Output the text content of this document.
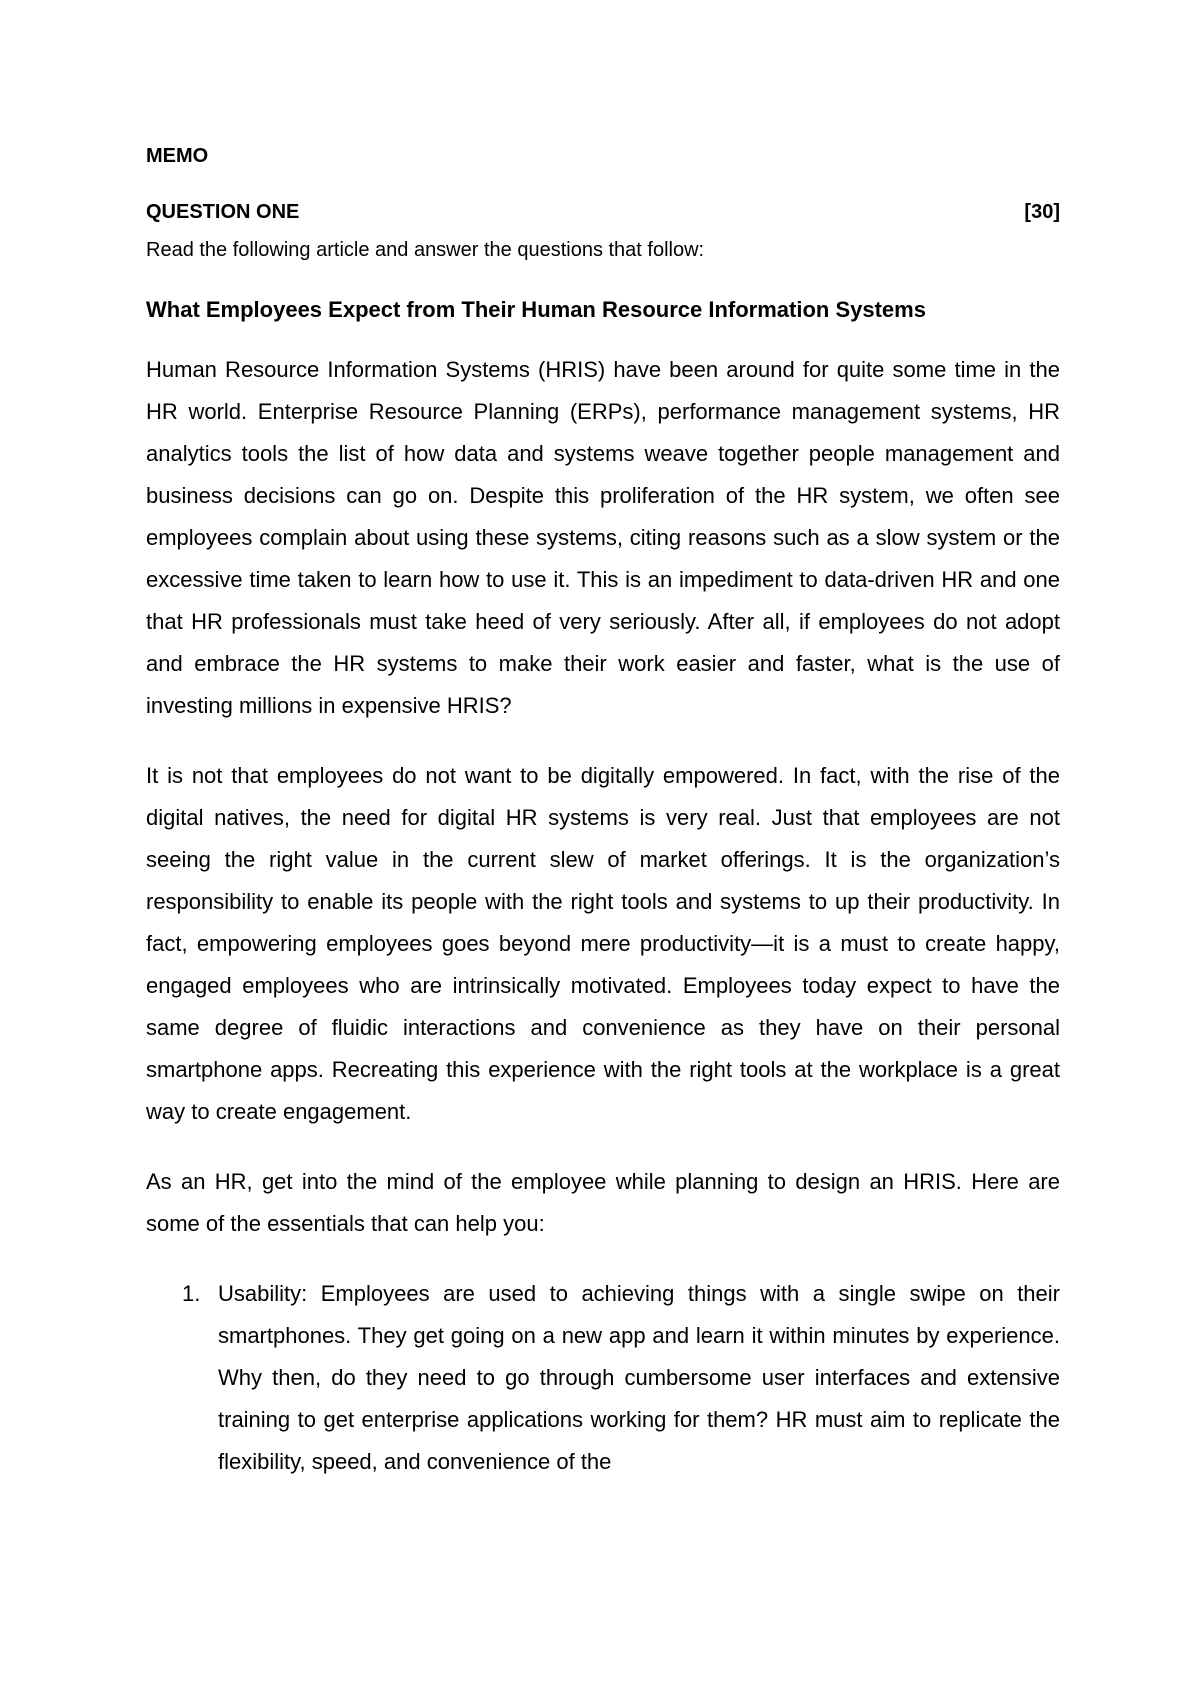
MEMO

QUESTION ONE	[30]
Read the following article and answer the questions that follow:
What Employees Expect from Their Human Resource Information Systems

Human Resource Information Systems (HRIS) have been around for quite some time in the HR world. Enterprise Resource Planning (ERPs), performance management systems, HR analytics tools the list of how data and systems weave together people management and business decisions can go on. Despite this proliferation of the HR system, we often see employees complain about using these systems, citing reasons such as a slow system or the excessive time taken to learn how to use it. This is an impediment to data-driven HR and one that HR professionals must take heed of very seriously. After all, if employees do not adopt and embrace the HR systems to make their work easier and faster, what is the use of investing millions in expensive HRIS?

It is not that employees do not want to be digitally empowered. In fact, with the rise of the digital natives, the need for digital HR systems is very real. Just that employees are not seeing the right value in the current slew of market offerings. It is the organization’s responsibility to enable its people with the right tools and systems to up their productivity. In fact, empowering employees goes beyond mere productivity—it is a must to create happy, engaged employees who are intrinsically motivated. Employees today expect to have the same degree of fluidic interactions and convenience as they have on their personal smartphone apps. Recreating this experience with the right tools at the workplace is a great way to create engagement.

As an HR, get into the mind of the employee while planning to design an HRIS. Here are some of the essentials that can help you:

1. Usability: Employees are used to achieving things with a single swipe on their smartphones. They get going on a new app and learn it within minutes by experience. Why then, do they need to go through cumbersome user interfaces and extensive training to get enterprise applications working for them? HR must aim to replicate the flexibility, speed, and convenience of the
